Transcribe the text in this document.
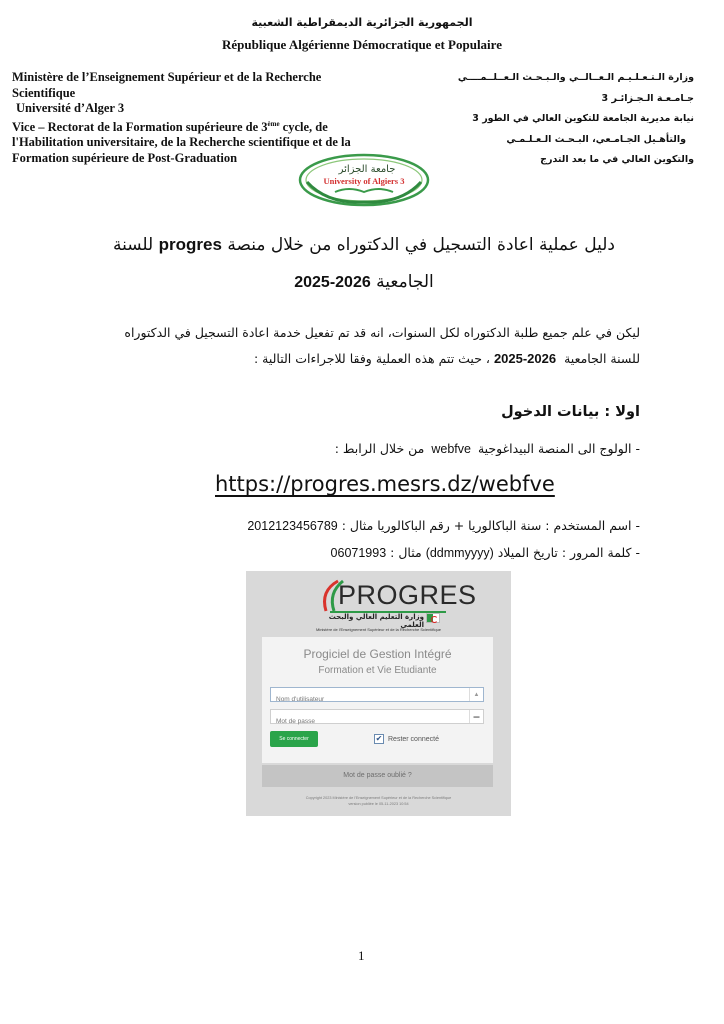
الجمهورية الجزائرية الديمقراطية الشعبية
République Algérienne Démocratique et Populaire
Ministère de l’Enseignement Supérieur et de la Recherche
Scientifique
Université d’Alger 3
Vice – Rectorat de la Formation supérieure de 3ème cycle, de
l'Habilitation universitaire, de la Recherche scientifique et de la
Formation supérieure de Post-Graduation
وزارة الـتـعـلـيـم الـعــالــي والـبـحـث الـعــلــمــــي
جـامـعـة الـجـزائـر 3
نيابة مديرية الجامعة للتكوين العالي في الطور 3
والتأهـيل الجـامـعي، البـحـث الـعـلـمـي
والتكوين العالي في ما بعد التدرج
جامعة الجزائر
University of Algiers 3
دليل عملية اعادة التسجيل في الدكتوراه من خلال منصة progres للسنة
الجامعية 2025-2026
ليكن في علم جميع طلبة الدكتوراه لكل السنوات، انه قد تم تفعيل خدمة اعادة التسجيل في الدكتوراه
للسنة الجامعية 2025-2026، حيث تتم هذه العملية وفقا للاجراءات التالية :
اولا : بيانات الدخول
- الولوج الى المنصة البيداغوجية webfve من خلال الرابط :
https://progres.mesrs.dz/webfve
- اسم المستخدم : سنة الباكالوريا + رقم الباكالوريا مثال : 2012123456789
- كلمة المرور : تاريخ الميلاد (ddmmyyyy) مثال : 06071993
PROGRES
وزارة التعليم العالي والبحث العلمي
Ministère de l'Enseignement Supérieur et de la Recherche Scientifique
Progiciel de Gestion Intégré
Formation et Vie Etudiante
Nom d'utilisateur
▲
▬
Se connecter	✔ Rester connecté
Mot de passe oublié ?
Copyright 2023 Ministère de l'Enseignement Supérieur et de la Recherche Scientifique
version publiée le 05-11-2023 10:54
1
